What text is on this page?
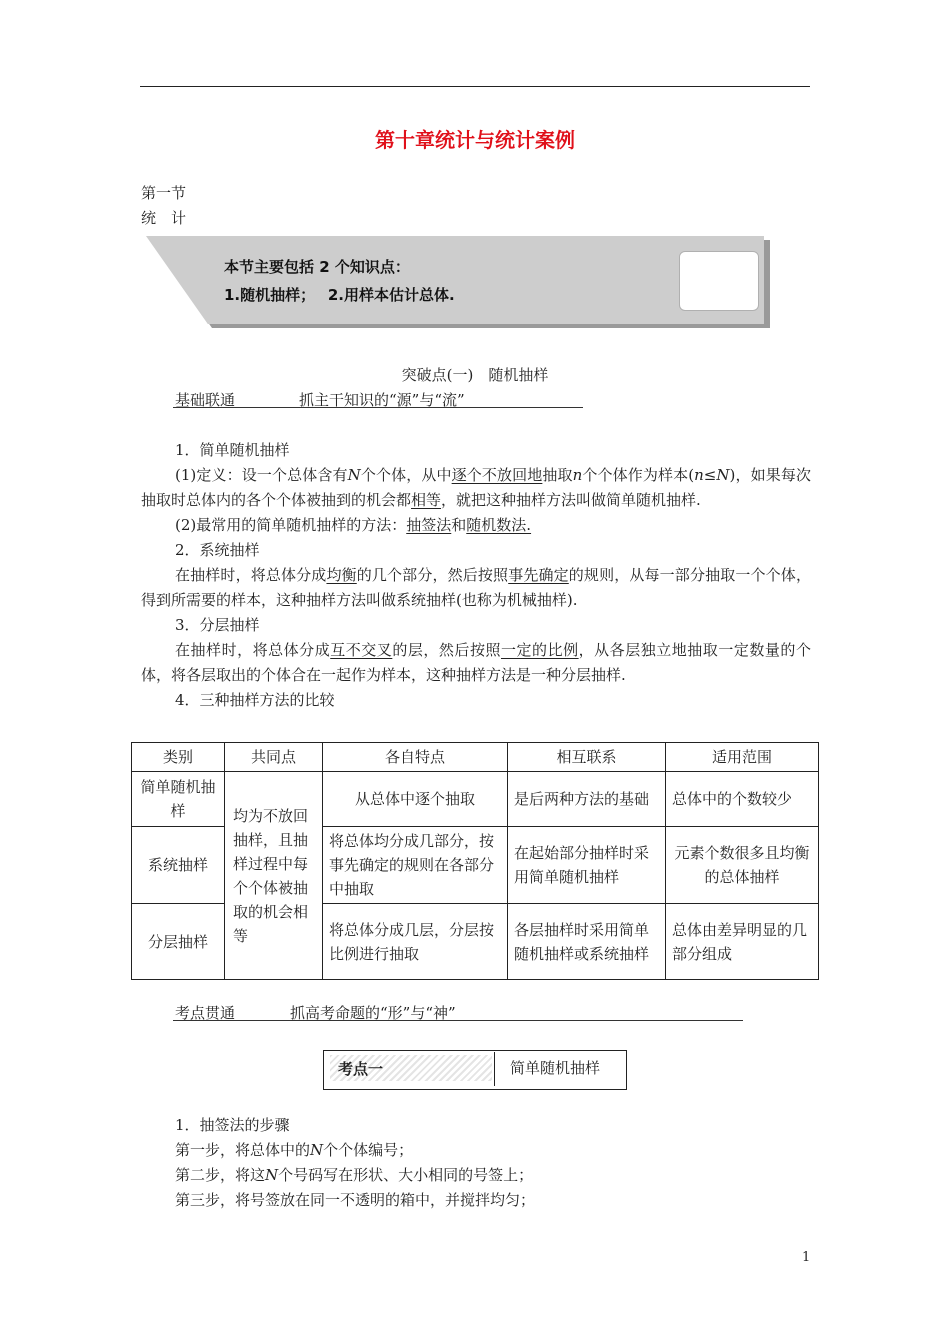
第十章统计与统计案例
第一节
统　计
本节主要包括 2 个知识点：
1.随机抽样；　 2.用样本估计总体.
突破点(一)　随机抽样
基础联通	抓主干知识的“源”与“流”
1．简单随机抽样
(1)定义：设一个总体含有N个个体，从中逐个不放回地抽取n个个体作为样本(n≤N)，如果每次抽取时总体内的各个个体被抽到的机会都相等，就把这种抽样方法叫做简单随机抽样.
(2)最常用的简单随机抽样的方法：抽签法和随机数法.
2．系统抽样
在抽样时，将总体分成均衡的几个部分，然后按照事先确定的规则，从每一部分抽取一个个体，得到所需要的样本，这种抽样方法叫做系统抽样(也称为机械抽样).
3．分层抽样
在抽样时，将总体分成互不交叉的层，然后按照一定的比例，从各层独立地抽取一定数量的个体，将各层取出的个体合在一起作为样本，这种抽样方法是一种分层抽样.
4．三种抽样方法的比较
类别	共同点	各自特点	相互联系	适用范围
简单随机抽样	均为不放回抽样，且抽样过程中每个个体被抽取的机会相等	从总体中逐个抽取	是后两种方法的基础	总体中的个数较少
系统抽样		将总体均分成几部分，按事先确定的规则在各部分中抽取	在起始部分抽样时采用简单随机抽样	元素个数很多且均衡的总体抽样
分层抽样		将总体分成几层，分层按比例进行抽取	各层抽样时采用简单随机抽样或系统抽样	总体由差异明显的几部分组成
考点贯通	抓高考命题的“形”与“神”
考点一	简单随机抽样
1．抽签法的步骤
第一步，将总体中的N个个体编号；
第二步，将这N个号码写在形状、大小相同的号签上；
第三步，将号签放在同一不透明的箱中，并搅拌均匀；
1
